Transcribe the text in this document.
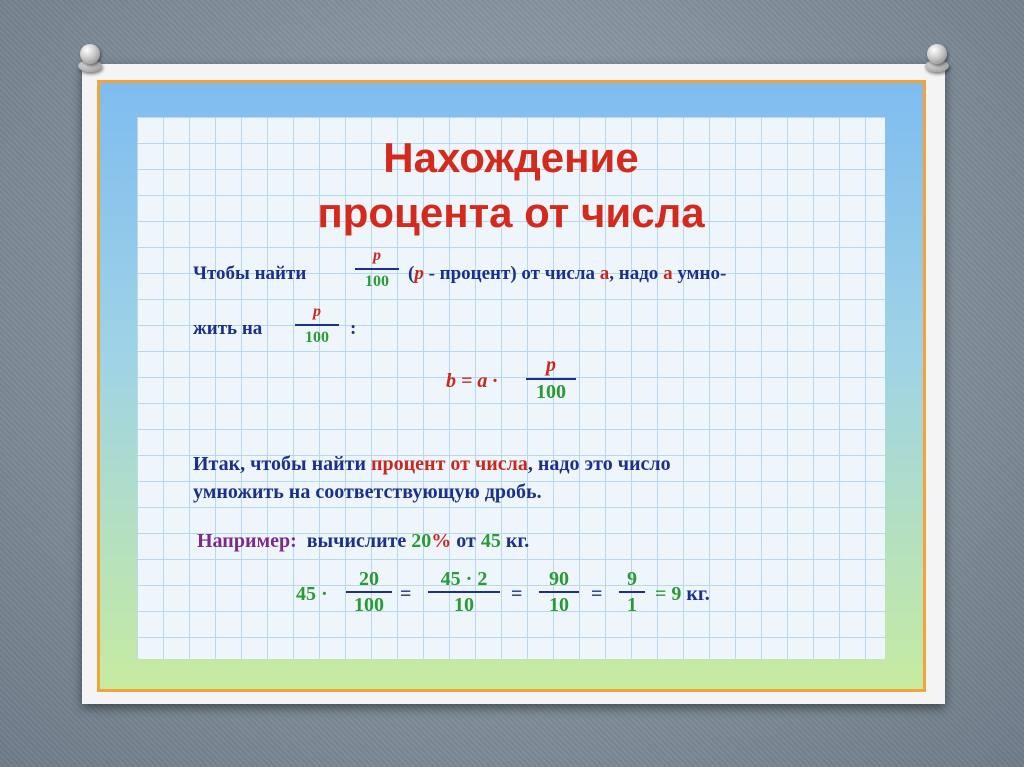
Нахождение
процента от числа
Чтобы найти
p
100	(p - процент) от числа a, надо a умно-
жить на
p
100	:
b = a ·
p
100
Итак, чтобы найти процент от числа, надо это число
умножить на соответствующую дробь.
Например: вычислите 20% от 45 кг.
45 ·
20
100 =
45 · 2
10	=
90
10	=
9
1 = 9 кг.
